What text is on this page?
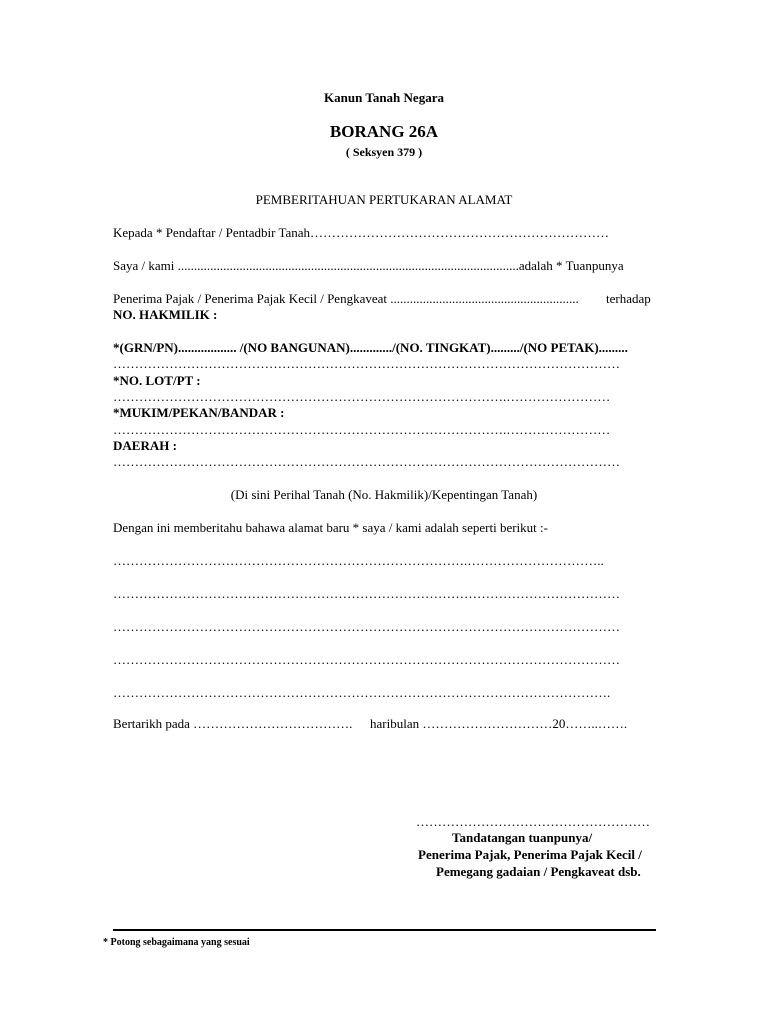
Kanun Tanah Negara
BORANG 26A
( Seksyen 379 )
PEMBERITAHUAN PERTUKARAN ALAMAT
Kepada * Pendaftar / Pentadbir Tanah……………………………………………………………
Saya / kami .........................................................................................................adalah * Tuanpunya
Penerima Pajak / Penerima Pajak Kecil / Pengkaveat .......................................................... terhadap
NO. HAKMILIK :
*(GRN/PN).................. /(NO BANGUNAN)............./(NO. TINGKAT)........./(NO PETAK).........
………………………………………………………………………………………………………
*NO. LOT/PT :
……………………………………………………………………………….……………………
*MUKIM/PEKAN/BANDAR :
……………………………………………………………………………….……………………
DAERAH :
………………………………………………………………………………………………………
(Di sini Perihal Tanah (No. Hakmilik)/Kepentingan Tanah)
Dengan ini memberitahu bahawa alamat baru * saya / kami adalah seperti berikut :-
……………………………………………………………………….…………………………..
………………………………………………………………………………………………………
………………………………………………………………………………………………………
………………………………………………………………………………………………………
…………………………………………………………………………………………………….
Bertarikh pada ………………………………. haribulan …………………………20……..…….
………………………………………………
Tandatangan tuanpunya/
Penerima Pajak, Penerima Pajak Kecil /
Pemegang gadaian / Pengkaveat dsb.
* Potong sebagaimana yang sesuai
